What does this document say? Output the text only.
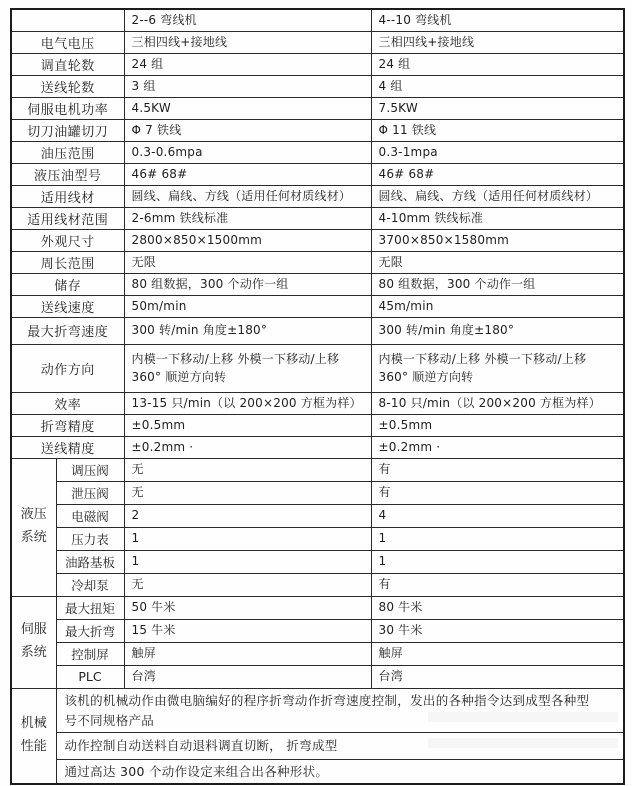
		2--6 弯线机	4--10 弯线机
电气电压		三相四线+接地线	三相四线+接地线
调直轮数		24 组	24 组
送线轮数		3 组	4 组
伺服电机功率		4.5KW	7.5KW
切刀油罐切刀		Φ 7 铁线	Φ 11 铁线
油压范围		0.3-0.6mpa	0.3-1mpa
液压油型号		46# 68#	46# 68#
适用线材		圆线、扁线、方线（适用任何材质线材）	圆线、扁线、方线（适用任何材质线材）
适用线材范围		2-6mm 铁线标准	4-10mm 铁线标准
外观尺寸		2800×850×1500mm	3700×850×1580mm
周长范围		无限	无限
储存		80 组数据，300 个动作一组	80 组数据，300 个动作一组
送线速度		50m/min	45m/min
最大折弯速度		300 转/min 角度±180°	300 转/min 角度±180°
动作方向		内模一下移动/上移 外模一下移动/上移 360° 顺逆方向转	内模一下移动/上移 外模一下移动/上移 360° 顺逆方向转
效率		13-15 只/min（以 200×200 方框为样）	8-10 只/min（以 200×200 方框为样）
折弯精度		±0.5mm	±0.5mm
送线精度		±0.2mm ·	±0.2mm ·
液压系统	调压阀	无	有
	泄压阀	无	有
	电磁阀	2	4
	压力表	1	1
	油路基板	1	1
	冷却泵	无	有
伺服系统	最大扭矩	50 牛米	80 牛米
	最大折弯	15 牛米	30 牛米
	控制屏	触屏	触屏
	PLC	台湾	台湾
机械性能	该机的机械动作由微电脑编好的程序折弯动作折弯速度控制，发出的各种指令达到成型各种型号不同规格产品		
	动作控制自动送料自动退料调直切断， 折弯成型		
	通过高达 300 个动作设定来组合出各种形状。		
